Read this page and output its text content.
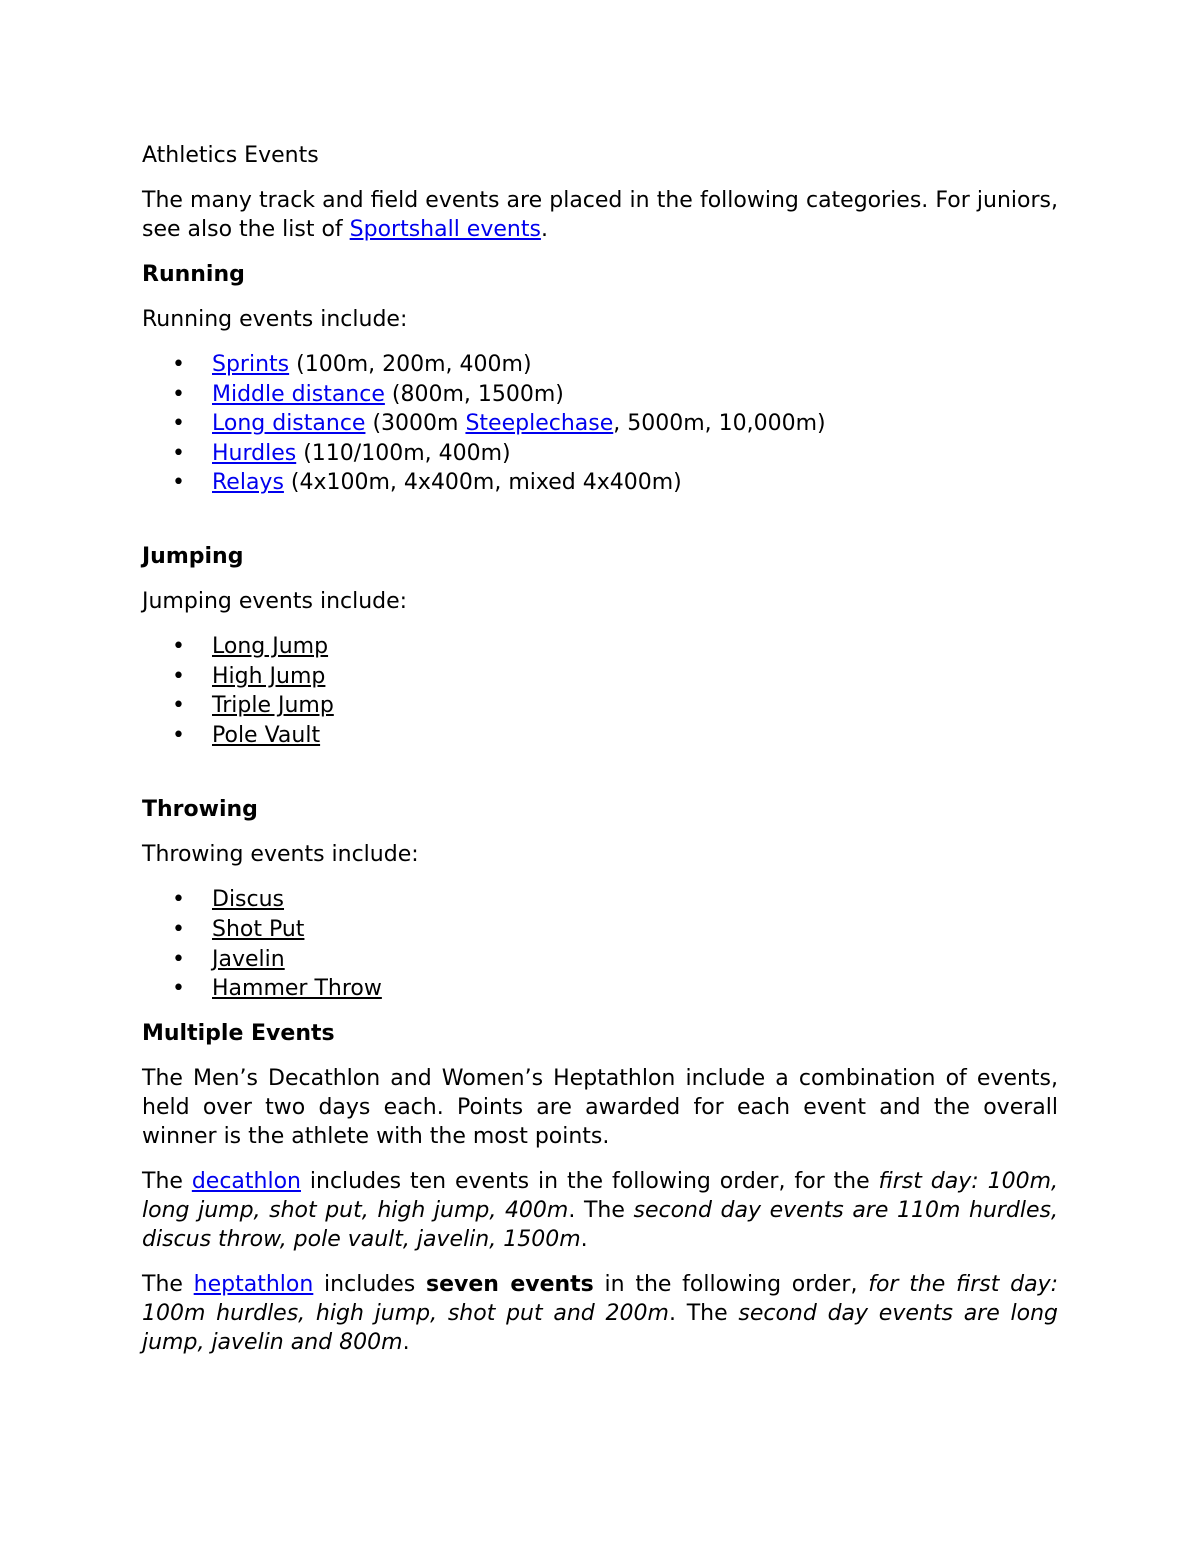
Athletics Events

The many track and field events are placed in the following categories. For juniors, see also the list of Sportshall events.

Running

Running events include:

• Sprints (100m, 200m, 400m)
• Middle distance (800m, 1500m)
• Long distance (3000m Steeplechase, 5000m, 10,000m)
• Hurdles (110/100m, 400m)
• Relays (4x100m, 4x400m, mixed 4x400m)
Jumping

Jumping events include:

• Long Jump
• High Jump
• Triple Jump
• Pole Vault
Throwing

Throwing events include:

• Discus
• Shot Put
• Javelin
• Hammer Throw
Multiple Events

The Men’s Decathlon and Women’s Heptathlon include a combination of events, held over two days each. Points are awarded for each event and the overall winner is the athlete with the most points.

The decathlon includes ten events in the following order, for the first day: 100m, long jump, shot put, high jump, 400m. The second day events are 110m hurdles, discus throw, pole vault, javelin, 1500m.

The heptathlon includes seven events in the following order, for the first day: 100m hurdles, high jump, shot put and 200m. The second day events are long jump, javelin and 800m.
